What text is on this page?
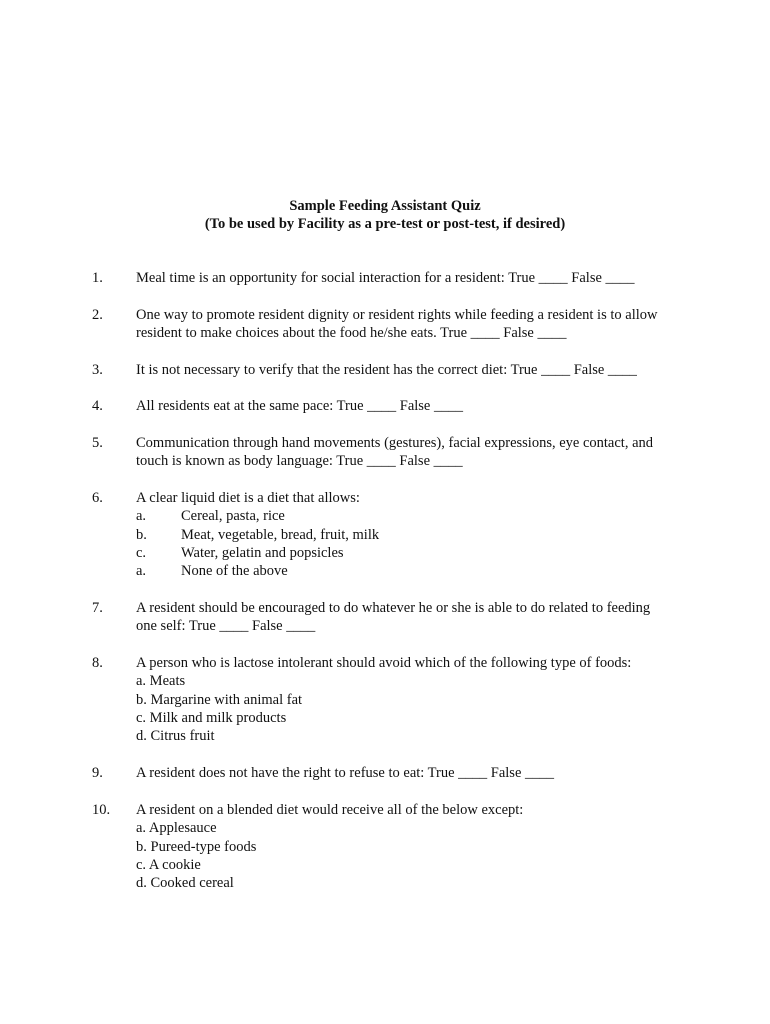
Sample Feeding Assistant Quiz
(To be used by Facility as a pre-test or post-test, if desired)
1.	Meal time is an opportunity for social interaction for a resident: True ____ False ____
2.	One way to promote resident dignity or resident rights while feeding a resident is to allow
resident to make choices about the food he/she eats. True ____ False ____
3.	It is not necessary to verify that the resident has the correct diet: True ____ False ____
4.	All residents eat at the same pace: True ____ False ____
5.	Communication through hand movements (gestures), facial expressions, eye contact, and
touch is known as body language: True ____ False ____
6.	A clear liquid diet is a diet that allows:
a. Cereal, pasta, rice
b. Meat, vegetable, bread, fruit, milk
c. Water, gelatin and popsicles
a. None of the above
7.	A resident should be encouraged to do whatever he or she is able to do related to feeding
one self: True ____ False ____
8.	A person who is lactose intolerant should avoid which of the following type of foods:
a. Meats
b. Margarine with animal fat
c. Milk and milk products
d. Citrus fruit
9.	A resident does not have the right to refuse to eat: True ____ False ____
10.	A resident on a blended diet would receive all of the below except:
a. Applesauce
b. Pureed-type foods
c. A cookie
d. Cooked cereal
